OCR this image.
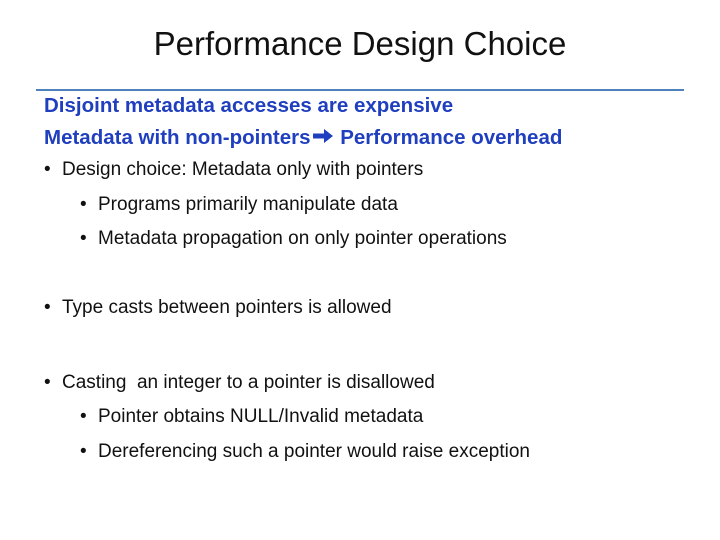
Performance Design Choice
Disjoint metadata accesses are expensive
Metadata with non-pointers
Performance overhead
• Design choice: Metadata only with pointers
• Programs primarily manipulate data
• Metadata propagation on only pointer operations
• Type casts between pointers is allowed
• Casting  an integer to a pointer is disallowed
• Pointer obtains NULL/Invalid metadata
• Dereferencing such a pointer would raise exception
